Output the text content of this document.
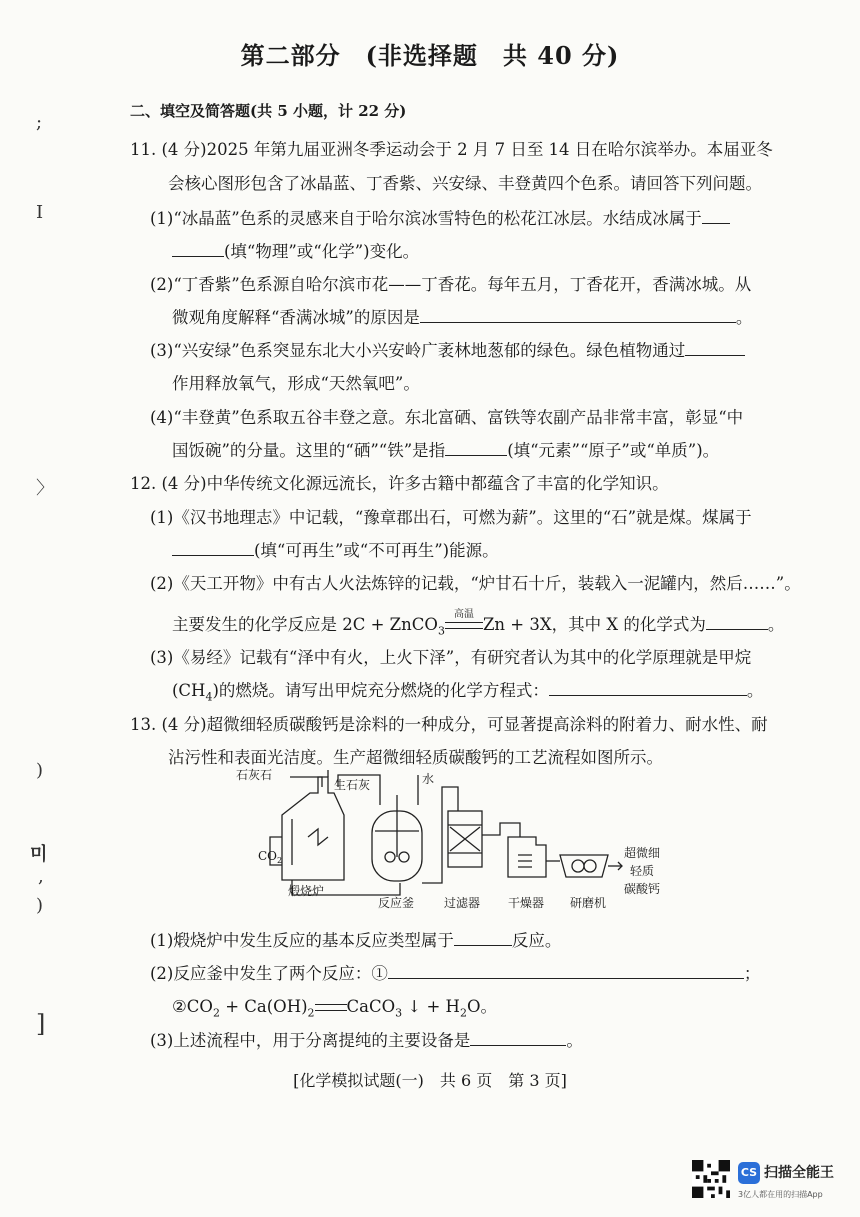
第二部分　(非选择题　共 40 分)
二、填空及简答题(共 5 小题，计 22 分)
11. (4 分)2025 年第九届亚洲冬季运动会于 2 月 7 日至 14 日在哈尔滨举办。本届亚冬
会核心图形包含了冰晶蓝、丁香紫、兴安绿、丰登黄四个色系。请回答下列问题。
(1)“冰晶蓝”色系的灵感来自于哈尔滨冰雪特色的松花江冰层。水结成冰属于
(填“物理”或“化学”)变化。
(2)“丁香紫”色系源自哈尔滨市花——丁香花。每年五月，丁香花开，香满冰城。从
微观角度解释“香满冰城”的原因是	。
(3)“兴安绿”色系突显东北大小兴安岭广袤林地葱郁的绿色。绿色植物通过
作用释放氧气，形成“天然氧吧”。
(4)“丰登黄”色系取五谷丰登之意。东北富硒、富铁等农副产品非常丰富，彰显“中
国饭碗”的分量。这里的“硒”“铁”是指	(填“元素”“原子”或“单质”)。
12. (4 分)中华传统文化源远流长，许多古籍中都蕴含了丰富的化学知识。
(1)《汉书地理志》中记载，“豫章郡出石，可燃为薪”。这里的“石”就是煤。煤属于
(填“可再生”或“不可再生”)能源。
(2)《天工开物》中有古人火法炼锌的记载，“炉甘石十斤，装载入一泥罐内，然后……”。
主要发生的化学反应是 2C + ZnCO$_3$
高温
Zn + 3X，其中 X 的化学式为	。
(3)《易经》记载有“泽中有火，上火下泽”，有研究者认为其中的化学原理就是甲烷
$(CH_4)$的燃烧。请写出甲烷充分燃烧的化学方程式：	。
13. (4 分)超微细轻质碳酸钙是涂料的一种成分，可显著提高涂料的附着力、耐水性、耐
沾污性和表面光洁度。生产超微细轻质碳酸钙的工艺流程如图所示。
石灰石
生石灰	水
$CO_2$
煅烧炉
反应釜 过滤器 干燥器 研磨机
超微细
轻质
碳酸钙
(1)煅烧炉中发生反应的基本反应类型属于	反应。
(2)反应釜中发生了两个反应：①	；
$②CO_2 + Ca(OH)_2$ CaCO$_3$ ↓ + $H_2O$。
(3)上述流程中，用于分离提纯的主要设备是	。
[化学模拟试题(一)　共 6 页　第 3 页]
;
I
〉
)
미
,
)
]
CS 扫描全能王
3亿人都在用的扫描App
